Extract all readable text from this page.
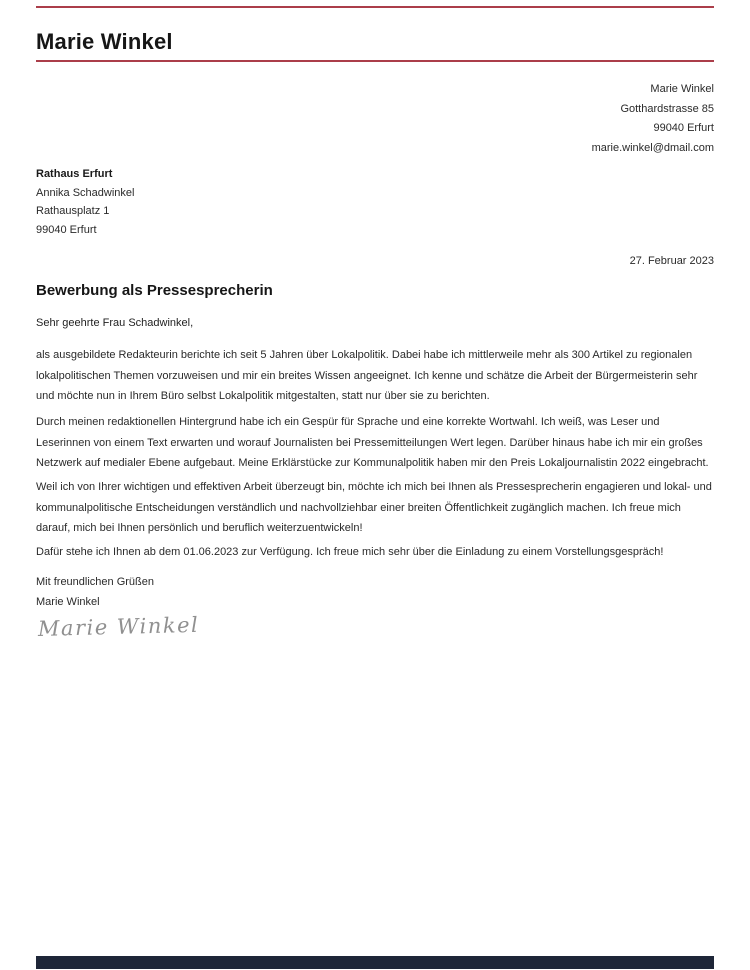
Marie Winkel
Marie Winkel
Gotthardstrasse 85
99040 Erfurt
marie.winkel@dmail.com
Rathaus Erfurt
Annika Schadwinkel
Rathausplatz 1
99040 Erfurt
27. Februar 2023
Bewerbung als Pressesprecherin
Sehr geehrte Frau Schadwinkel,

als ausgebildete Redakteurin berichte ich seit 5 Jahren über Lokalpolitik. Dabei habe ich mittlerweile mehr als 300 Artikel zu regionalen lokalpolitischen Themen vorzuweisen und mir ein breites Wissen angeeignet. Ich kenne und schätze die Arbeit der Bürgermeisterin sehr und möchte nun in Ihrem Büro selbst Lokalpolitik mitgestalten, statt nur über sie zu berichten.

Durch meinen redaktionellen Hintergrund habe ich ein Gespür für Sprache und eine korrekte Wortwahl. Ich weiß, was Leser und Leserinnen von einem Text erwarten und worauf Journalisten bei Pressemitteilungen Wert legen. Darüber hinaus habe ich mir ein großes Netzwerk auf medialer Ebene aufgebaut. Meine Erklärstücke zur Kommunalpolitik haben mir den Preis Lokaljournalistin 2022 eingebracht.

Weil ich von Ihrer wichtigen und effektiven Arbeit überzeugt bin, möchte ich mich bei Ihnen als Pressesprecherin engagieren und lokal- und kommunalpolitische Entscheidungen verständlich und nachvollziehbar einer breiten Öffentlichkeit zugänglich machen. Ich freue mich darauf, mich bei Ihnen persönlich und beruflich weiterzuentwickeln!

Dafür stehe ich Ihnen ab dem 01.06.2023 zur Verfügung. Ich freue mich sehr über die Einladung zu einem Vorstellungsgespräch!

Mit freundlichen Grüßen
Marie Winkel
Marie Winkel
